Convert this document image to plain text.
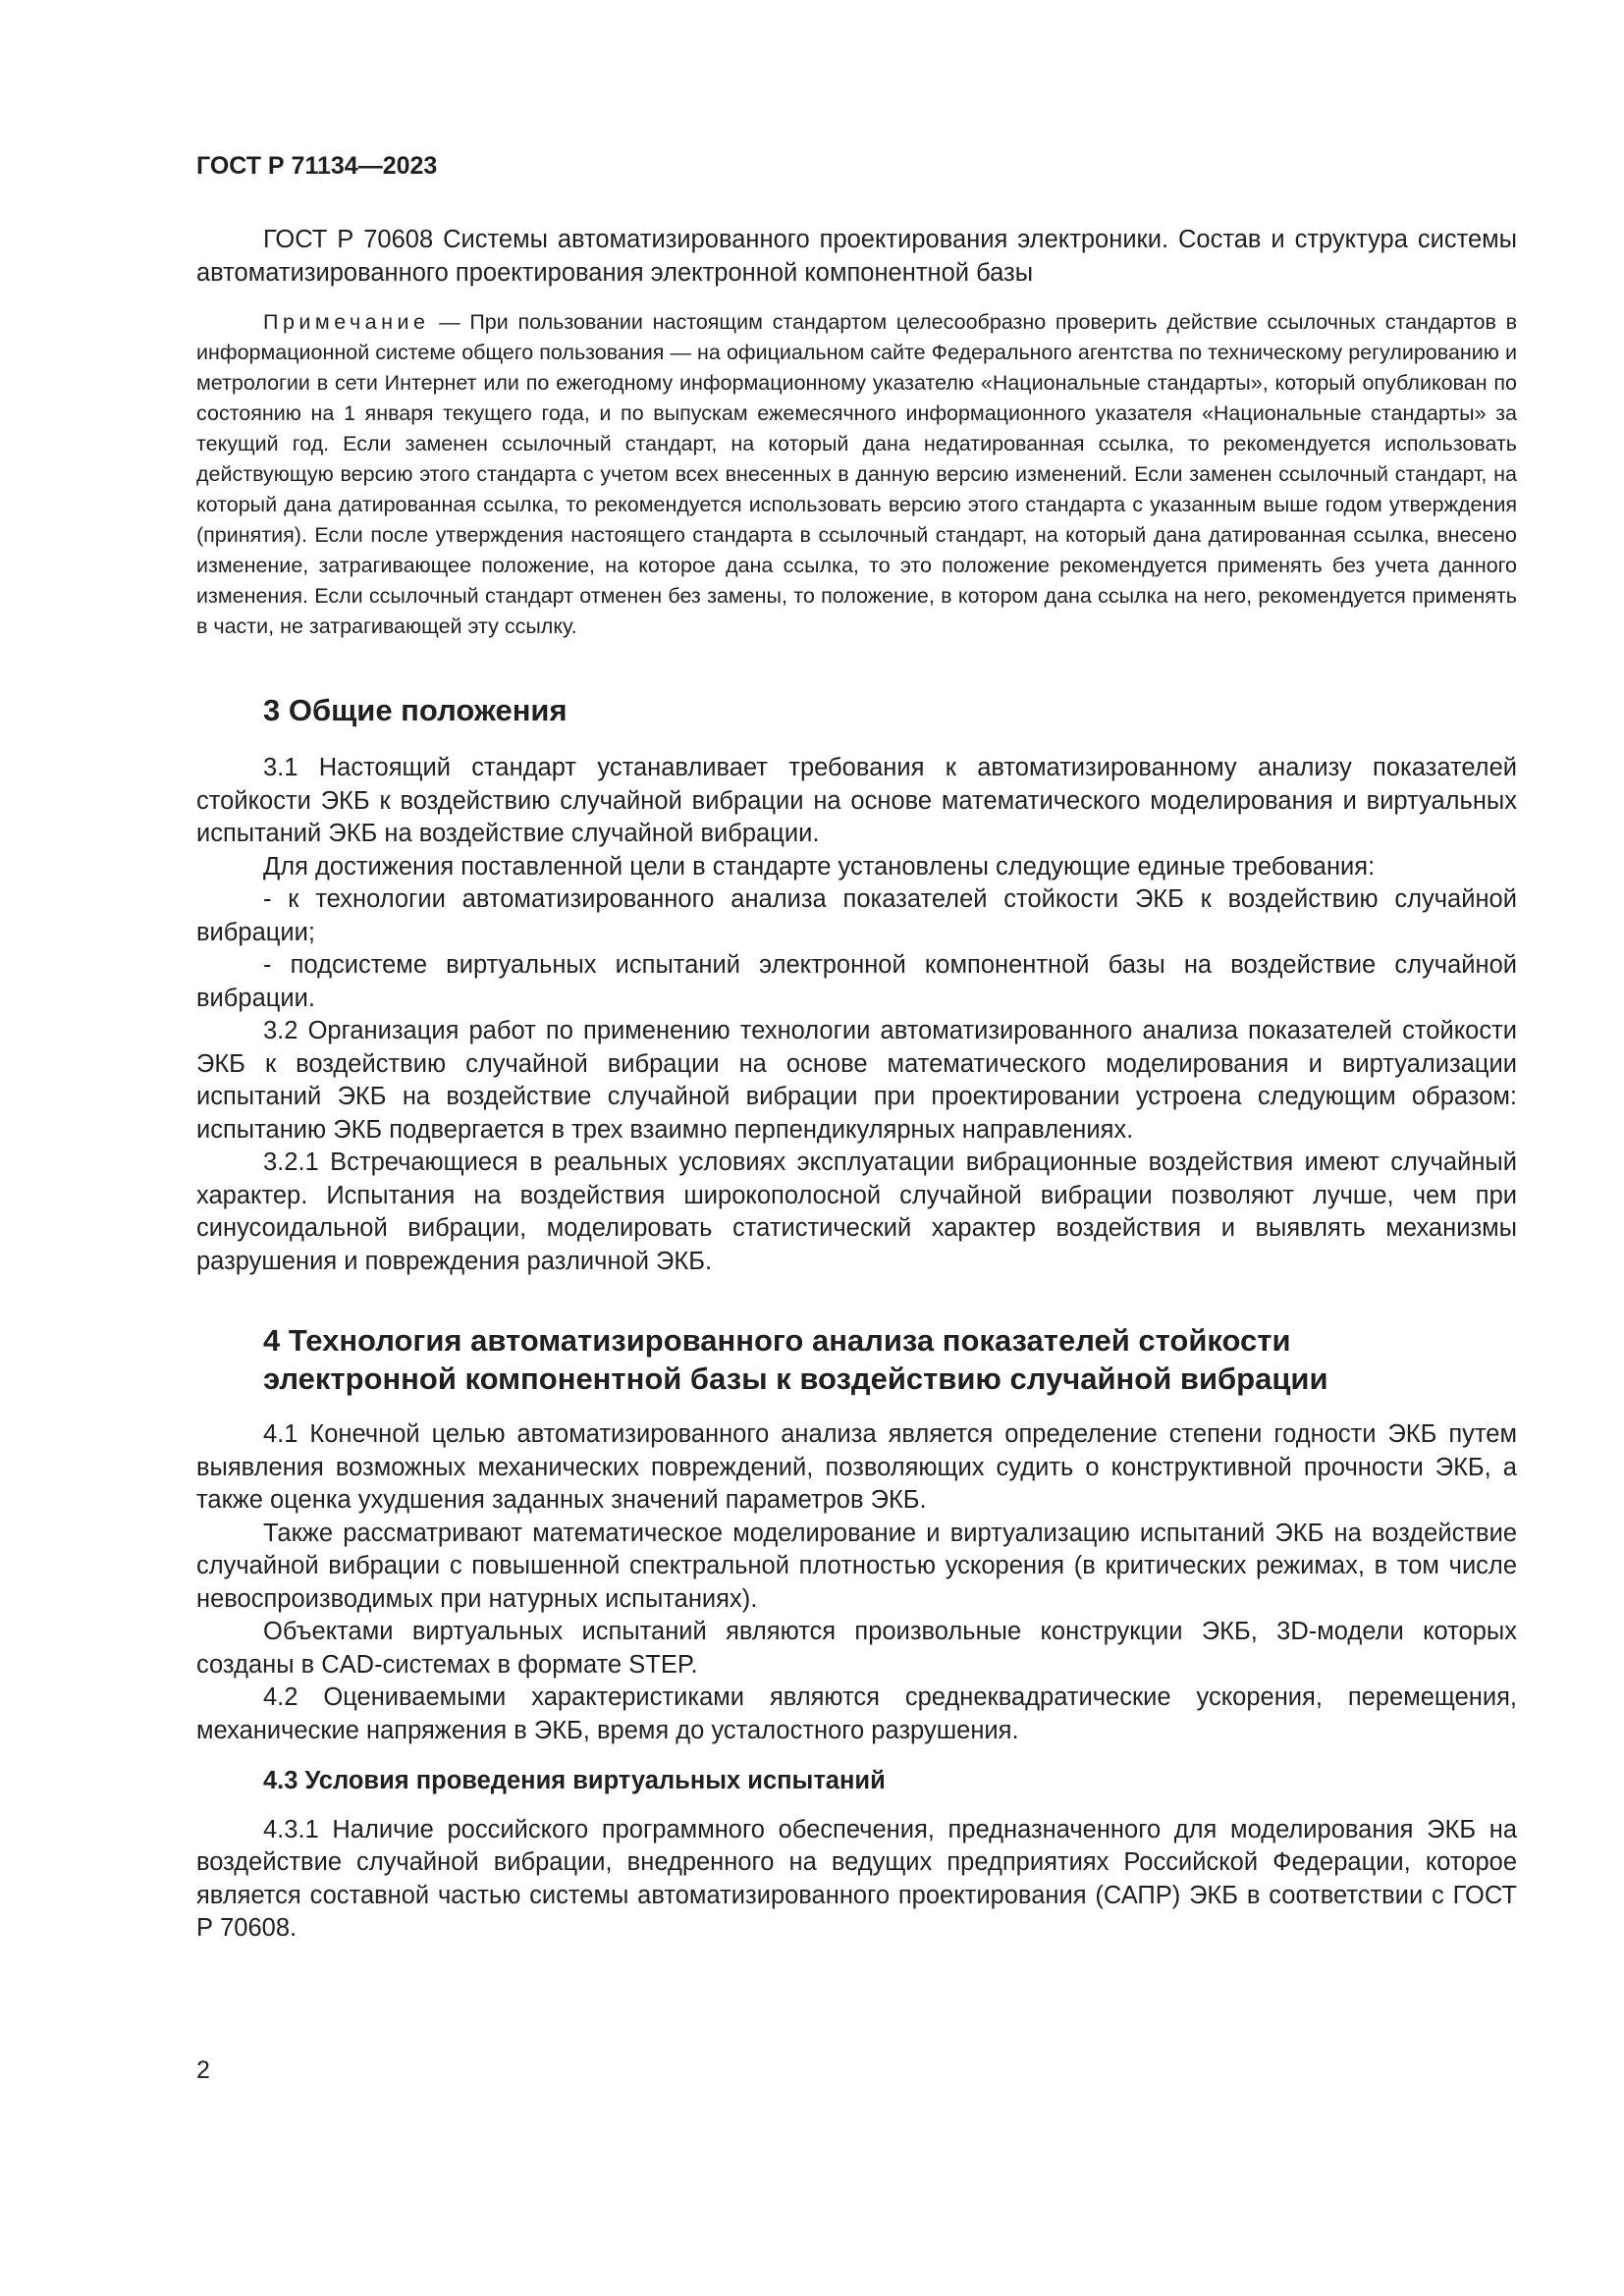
ГОСТ Р 71134—2023

ГОСТ Р 70608 Системы автоматизированного проектирования электроники. Состав и структура системы автоматизированного проектирования электронной компонентной базы

Примечание — При пользовании настоящим стандартом целесообразно проверить действие ссылочных стандартов в информационной системе общего пользования — на официальном сайте Федерального агентства по техническому регулированию и метрологии в сети Интернет или по ежегодному информационному указателю «Национальные стандарты», который опубликован по состоянию на 1 января текущего года, и по выпускам ежемесячного информационного указателя «Национальные стандарты» за текущий год. Если заменен ссылочный стандарт, на который дана недатированная ссылка, то рекомендуется использовать действующую версию этого стандарта с учетом всех внесенных в данную версию изменений. Если заменен ссылочный стандарт, на который дана датированная ссылка, то рекомендуется использовать версию этого стандарта с указанным выше годом утверждения (принятия). Если после утверждения настоящего стандарта в ссылочный стандарт, на который дана датированная ссылка, внесено изменение, затрагивающее положение, на которое дана ссылка, то это положение рекомендуется применять без учета данного изменения. Если ссылочный стандарт отменен без замены, то положение, в котором дана ссылка на него, рекомендуется применять в части, не затрагивающей эту ссылку.

3 Общие положения

3.1 Настоящий стандарт устанавливает требования к автоматизированному анализу показателей стойкости ЭКБ к воздействию случайной вибрации на основе математического моделирования и виртуальных испытаний ЭКБ на воздействие случайной вибрации.

Для достижения поставленной цели в стандарте установлены следующие единые требования:

- к технологии автоматизированного анализа показателей стойкости ЭКБ к воздействию случайной вибрации;

- подсистеме виртуальных испытаний электронной компонентной базы на воздействие случайной вибрации.

3.2 Организация работ по применению технологии автоматизированного анализа показателей стойкости ЭКБ к воздействию случайной вибрации на основе математического моделирования и виртуализации испытаний ЭКБ на воздействие случайной вибрации при проектировании устроена следующим образом: испытанию ЭКБ подвергается в трех взаимно перпендикулярных направлениях.

3.2.1 Встречающиеся в реальных условиях эксплуатации вибрационные воздействия имеют случайный характер. Испытания на воздействия широкополосной случайной вибрации позволяют лучше, чем при синусоидальной вибрации, моделировать статистический характер воздействия и выявлять механизмы разрушения и повреждения различной ЭКБ.

4 Технология автоматизированного анализа показателей стойкости
электронной компонентной базы к воздействию случайной вибрации

4.1 Конечной целью автоматизированного анализа является определение степени годности ЭКБ путем выявления возможных механических повреждений, позволяющих судить о конструктивной прочности ЭКБ, а также оценка ухудшения заданных значений параметров ЭКБ.

Также рассматривают математическое моделирование и виртуализацию испытаний ЭКБ на воздействие случайной вибрации с повышенной спектральной плотностью ускорения (в критических режимах, в том числе невоспроизводимых при натурных испытаниях).

Объектами виртуальных испытаний являются произвольные конструкции ЭКБ, 3D-модели которых созданы в CAD-системах в формате STEP.

4.2 Оцениваемыми характеристиками являются среднеквадратические ускорения, перемещения, механические напряжения в ЭКБ, время до усталостного разрушения.

4.3 Условия проведения виртуальных испытаний

4.3.1 Наличие российского программного обеспечения, предназначенного для моделирования ЭКБ на воздействие случайной вибрации, внедренного на ведущих предприятиях Российской Федерации, которое является составной частью системы автоматизированного проектирования (САПР) ЭКБ в соответствии с ГОСТ Р 70608.

2
